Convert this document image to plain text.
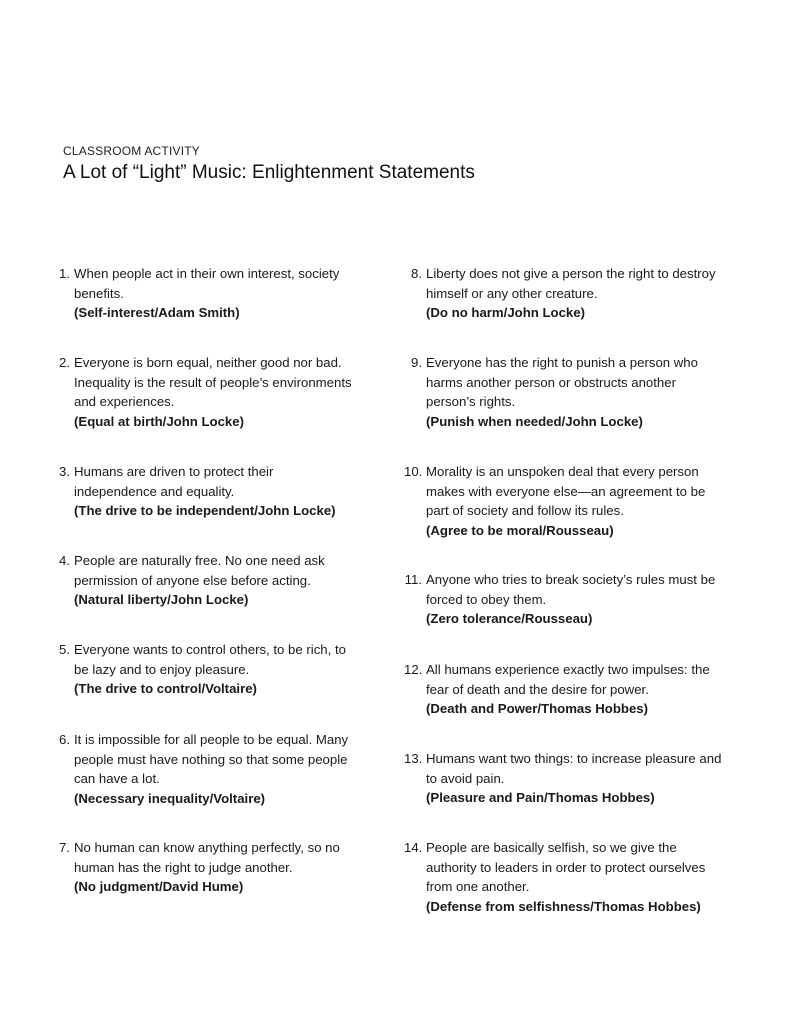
CLASSROOM ACTIVITY
A Lot of “Light” Music: Enlightenment Statements
1. When people act in their own interest, society benefits.
(Self-interest/Adam Smith)
2. Everyone is born equal, neither good nor bad. Inequality is the result of people’s environments and experiences.
(Equal at birth/John Locke)
3. Humans are driven to protect their independence and equality.
(The drive to be independent/John Locke)
4. People are naturally free. No one need ask permission of anyone else before acting.
(Natural liberty/John Locke)
5. Everyone wants to control others, to be rich, to be lazy and to enjoy pleasure.
(The drive to control/Voltaire)
6. It is impossible for all people to be equal. Many people must have nothing so that some people can have a lot.
(Necessary inequality/Voltaire)
7. No human can know anything perfectly, so no human has the right to judge another.
(No judgment/David Hume)
8. Liberty does not give a person the right to destroy himself or any other creature.
(Do no harm/John Locke)
9. Everyone has the right to punish a person who harms another person or obstructs another person’s rights.
(Punish when needed/John Locke)
10. Morality is an unspoken deal that every person makes with everyone else—an agreement to be part of society and follow its rules.
(Agree to be moral/Rousseau)
11. Anyone who tries to break society’s rules must be forced to obey them.
(Zero tolerance/Rousseau)
12. All humans experience exactly two impulses: the fear of death and the desire for power.
(Death and Power/Thomas Hobbes)
13. Humans want two things: to increase pleasure and to avoid pain.
(Pleasure and Pain/Thomas Hobbes)
14. People are basically selfish, so we give the authority to leaders in order to protect ourselves from one another.
(Defense from selfishness/Thomas Hobbes)
